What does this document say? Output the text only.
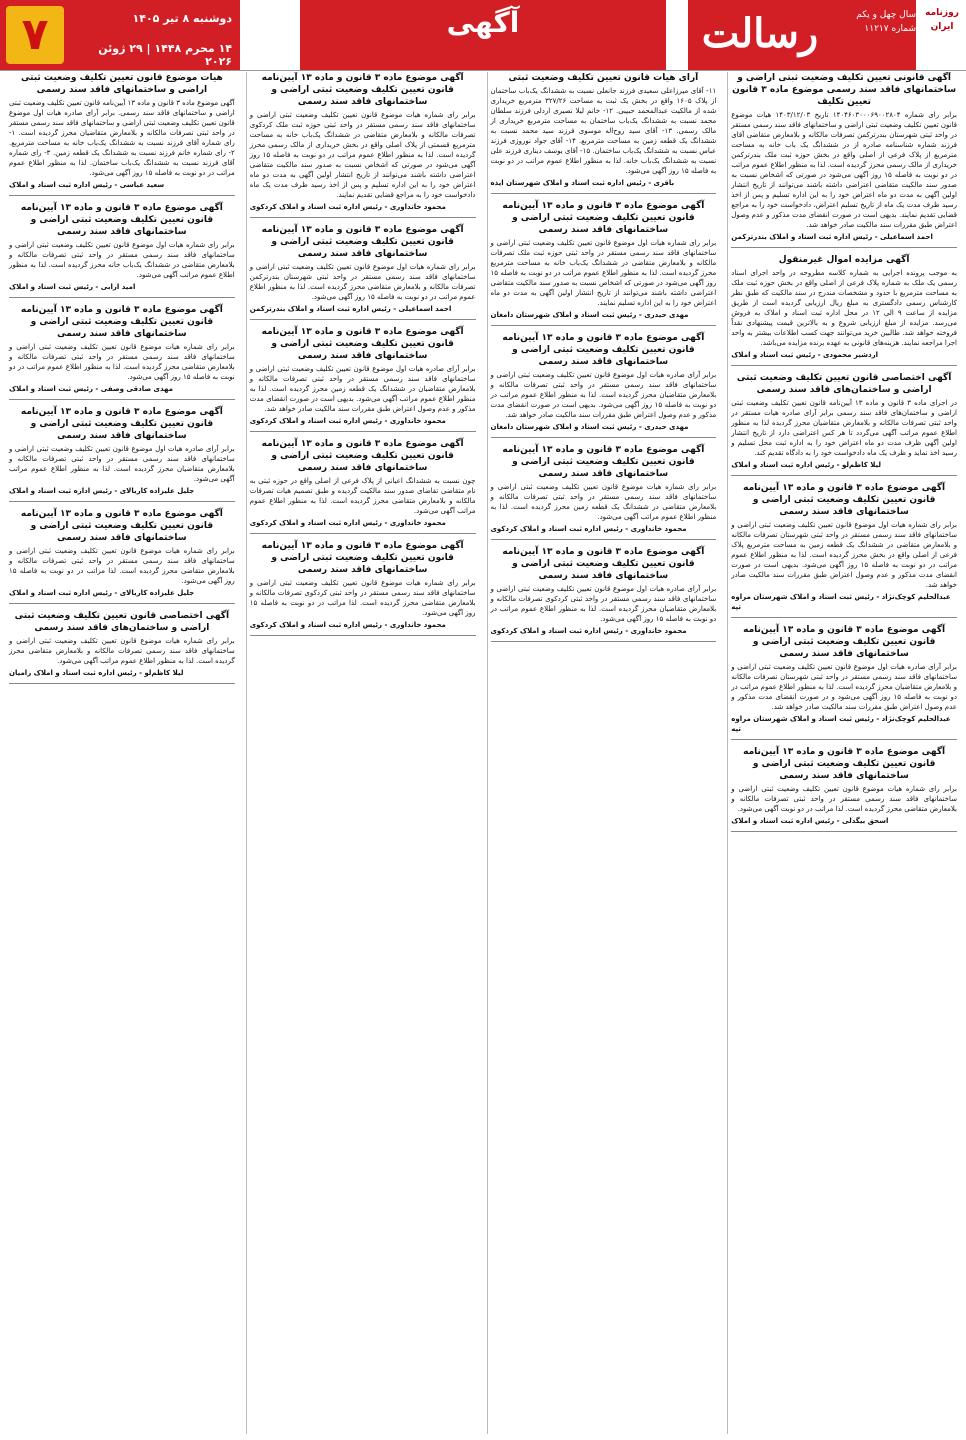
۷	دوشنبه ۸ تیر ۱۴۰۵
۱۴ محرم ۱۴۴۸ | ۲۹ ژوئن ۲۰۲۶
آگهی	رسالت	سال چهل و یکم
شماره ۱۱۲۱۷
روزنامه ایران

آگهی قانونی تعیین تکلیف وضعیت ثبتی اراضی و ساختمانهای فاقد سند رسمی موضوع ماده ۳ قانون تعیین تکلیف

برابر رای شماره ۱۴۰۴۶۰۳۰۰۰۶۹۰۰۲۸۰۴ تاریخ ۱۴۰۳/۱۲/۰۳ هیات موضوع قانون تعیین تکلیف وضعیت ثبتی اراضی و ساختمانهای فاقد سند رسمی مستقر در واحد ثبتی شهرستان بندرترکمن تصرفات مالکانه و بلامعارض متقاضی آقای فرزند شماره شناسنامه صادره از در ششدانگ یک باب خانه به مساحت مترمربع از پلاک فرعی از اصلی واقع در بخش حوزه ثبت ملک بندرترکمن خریداری از مالک رسمی محرز گردیده است. لذا به منظور اطلاع عموم مراتب در دو نوبت به فاصله ۱۵ روز آگهی می‌شود در صورتی که اشخاص نسبت به صدور سند مالکیت متقاضی اعتراضی داشته باشند می‌توانند از تاریخ انتشار اولین آگهی به مدت دو ماه اعتراض خود را به این اداره تسلیم و پس از اخذ رسید ظرف مدت یک ماه از تاریخ تسلیم اعتراض، دادخواست خود را به مراجع قضایی تقدیم نمایند. بدیهی است در صورت انقضای مدت مذکور و عدم وصول اعتراض طبق مقررات سند مالکیت صادر خواهد شد.

احمد اسماعیلی - رئیس اداره ثبت اسناد و املاک بندرترکمن

آگهی مزایده اموال غیرمنقول

به موجب پرونده اجرایی به شماره کلاسه مطروحه در واحد اجرای اسناد رسمی یک ملک به شماره پلاک فرعی از اصلی واقع در بخش حوزه ثبت ملک به مساحت مترمربع با حدود و مشخصات مندرج در سند مالکیت که طبق نظر کارشناس رسمی دادگستری به مبلغ ریال ارزیابی گردیده است از طریق مزایده از ساعت ۹ الی ۱۲ در محل اداره ثبت اسناد و املاک به فروش می‌رسد. مزایده از مبلغ ارزیابی شروع و به بالاترین قیمت پیشنهادی نقداً فروخته خواهد شد. طالبین خرید می‌توانند جهت کسب اطلاعات بیشتر به واحد اجرا مراجعه نمایند. هزینه‌های قانونی به عهده برنده مزایده می‌باشد.

اردشیر محمودی - رئیس ثبت اسناد و املاک

آگهی اختصاصی قانون تعیین تکلیف وضعیت ثبتی اراضی و ساختمان‌های فاقد سند رسمی

در اجرای ماده ۳ قانون و ماده ۱۳ آیین‌نامه قانون تعیین تکلیف وضعیت ثبتی اراضی و ساختمان‌های فاقد سند رسمی برابر آرای صادره هیات مستقر در واحد ثبتی تصرفات مالکانه و بلامعارض متقاضیان محرز گردیده لذا به منظور اطلاع عموم مراتب آگهی می‌گردد تا هر کس اعتراضی دارد از تاریخ انتشار اولین آگهی ظرف مدت دو ماه اعتراض خود را به اداره ثبت محل تسلیم و رسید اخذ نماید و ظرف یک ماه دادخواست خود را به دادگاه تقدیم کند.

لیلا کاظم‌لو - رئیس اداره ثبت اسناد و املاک

آگهی موضوع ماده ۳ قانون و ماده ۱۳ آیین‌نامه قانون تعیین تکلیف وضعیت ثبتی اراضی و ساختمانهای فاقد سند رسمی

برابر رای شماره هیات اول موضوع قانون تعیین تکلیف وضعیت ثبتی اراضی و ساختمانهای فاقد سند رسمی مستقر در واحد ثبتی شهرستان تصرفات مالکانه و بلامعارض متقاضی در ششدانگ یک قطعه زمین به مساحت مترمربع پلاک فرعی از اصلی واقع در بخش محرز گردیده است. لذا به منظور اطلاع عموم مراتب در دو نوبت به فاصله ۱۵ روز آگهی می‌شود. بدیهی است در صورت انقضای مدت مذکور و عدم وصول اعتراض طبق مقررات سند مالکیت صادر خواهد شد.

عبدالحلیم کوچک‌نژاد - رئیس ثبت اسناد و املاک شهرستان مراوه تپه

آگهی موضوع ماده ۳ قانون و ماده ۱۳ آیین‌نامه قانون تعیین تکلیف وضعیت ثبتی اراضی و ساختمانهای فاقد سند رسمی

برابر آرای صادره هیات اول موضوع قانون تعیین تکلیف وضعیت ثبتی اراضی و ساختمانهای فاقد سند رسمی مستقر در واحد ثبتی شهرستان تصرفات مالکانه و بلامعارض متقاضیان محرز گردیده است. لذا به منظور اطلاع عموم مراتب در دو نوبت به فاصله ۱۵ روز آگهی می‌شود و در صورت انقضای مدت مذکور و عدم وصول اعتراض طبق مقررات سند مالکیت صادر خواهد شد.

عبدالحلیم کوچک‌نژاد - رئیس ثبت اسناد و املاک شهرستان مراوه تپه

آگهی موضوع ماده ۳ قانون و ماده ۱۳ آیین‌نامه قانون تعیین تکلیف وضعیت ثبتی اراضی و ساختمانهای فاقد سند رسمی

برابر رای شماره هیات موضوع قانون تعیین تکلیف وضعیت ثبتی اراضی و ساختمانهای فاقد سند رسمی مستقر در واحد ثبتی تصرفات مالکانه و بلامعارض متقاضی محرز گردیده است. لذا مراتب در دو نوبت آگهی می‌شود.

اسحق بیگدلی - رئیس اداره ثبت اسناد و املاک

آرای هیات قانون تعیین تکلیف وضعیت ثبتی

۱۱- آقای میرزاعلی سعیدی فرزند جانعلی نسبت به ششدانگ یک‌باب ساختمان از پلاک ۱۶۰۵ واقع در بخش یک ثبت به مساحت ۳۲۷/۲۶ مترمربع خریداری شده از مالکیت عبدالمحمد حبیبی. ۱۲- خانم لیلا نصیری اردلی فرزند سلطان محمد نسبت به ششدانگ یک‌باب ساختمان به مساحت مترمربع خریداری از مالک رسمی. ۱۳- آقای سید روح‌اله موسوی فرزند سید محمد نسبت به ششدانگ یک قطعه زمین به مساحت مترمربع. ۱۴- آقای جواد نوروزی فرزند عباس نسبت به ششدانگ یک‌باب ساختمان. ۱۵- آقای یوسف دیناری فرزند علی نسبت به ششدانگ یک‌باب خانه. لذا به منظور اطلاع عموم مراتب در دو نوبت به فاصله ۱۵ روز آگهی می‌شود.

باقری - رئیس اداره ثبت اسناد و املاک شهرستان ایذه

آگهی موضوع ماده ۳ قانون و ماده ۱۳ آیین‌نامه قانون تعیین تکلیف وضعیت ثبتی اراضی و ساختمانهای فاقد سند رسمی

برابر رای شماره هیات اول موضوع قانون تعیین تکلیف وضعیت ثبتی اراضی و ساختمانهای فاقد سند رسمی مستقر در واحد ثبتی حوزه ثبت ملک تصرفات مالکانه و بلامعارض متقاضی در ششدانگ یک‌باب خانه به مساحت مترمربع محرز گردیده است. لذا به منظور اطلاع عموم مراتب در دو نوبت به فاصله ۱۵ روز آگهی می‌شود در صورتی که اشخاص نسبت به صدور سند مالکیت متقاضی اعتراضی داشته باشند می‌توانند از تاریخ انتشار اولین آگهی به مدت دو ماه اعتراض خود را به این اداره تسلیم نمایند.

مهدی حیدری - رئیس ثبت اسناد و املاک شهرستان دامغان

آگهی موضوع ماده ۳ قانون و ماده ۱۳ آیین‌نامه قانون تعیین تکلیف وضعیت ثبتی اراضی و ساختمانهای فاقد سند رسمی

برابر آرای صادره هیات اول موضوع قانون تعیین تکلیف وضعیت ثبتی اراضی و ساختمانهای فاقد سند رسمی مستقر در واحد ثبتی تصرفات مالکانه و بلامعارض متقاضیان محرز گردیده است. لذا به منظور اطلاع عموم مراتب در دو نوبت به فاصله ۱۵ روز آگهی می‌شود. بدیهی است در صورت انقضای مدت مذکور و عدم وصول اعتراض طبق مقررات سند مالکیت صادر خواهد شد.

مهدی حیدری - رئیس ثبت اسناد و املاک شهرستان دامغان

آگهی موضوع ماده ۳ قانون و ماده ۱۳ آیین‌نامه قانون تعیین تکلیف وضعیت ثبتی اراضی و ساختمانهای فاقد سند رسمی

برابر رای شماره هیات موضوع قانون تعیین تکلیف وضعیت ثبتی اراضی و ساختمانهای فاقد سند رسمی مستقر در واحد ثبتی تصرفات مالکانه و بلامعارض متقاضی در ششدانگ یک قطعه زمین محرز گردیده است. لذا به منظور اطلاع عموم مراتب آگهی می‌شود.

محمود خانداوری - رئیس اداره ثبت اسناد و املاک کردکوی

آگهی موضوع ماده ۳ قانون و ماده ۱۳ آیین‌نامه قانون تعیین تکلیف وضعیت ثبتی اراضی و ساختمانهای فاقد سند رسمی

برابر آرای صادره هیات اول موضوع قانون تعیین تکلیف وضعیت ثبتی اراضی و ساختمانهای فاقد سند رسمی مستقر در واحد ثبتی کردکوی تصرفات مالکانه و بلامعارض متقاضیان محرز گردیده است. لذا به منظور اطلاع عموم مراتب در دو نوبت به فاصله ۱۵ روز آگهی می‌شود.

محمود خانداوری - رئیس اداره ثبت اسناد و املاک کردکوی

آگهی موضوع ماده ۳ قانون و ماده ۱۳ آیین‌نامه قانون تعیین تکلیف وضعیت ثبتی اراضی و ساختمانهای فاقد سند رسمی

برابر رای شماره هیات موضوع قانون تعیین تکلیف وضعیت ثبتی اراضی و ساختمانهای فاقد سند رسمی مستقر در واحد ثبتی حوزه ثبت ملک کردکوی تصرفات مالکانه و بلامعارض متقاضی در ششدانگ یک‌باب خانه به مساحت مترمربع قسمتی از پلاک اصلی واقع در بخش خریداری از مالک رسمی محرز گردیده است. لذا به منظور اطلاع عموم مراتب در دو نوبت به فاصله ۱۵ روز آگهی می‌شود در صورتی که اشخاص نسبت به صدور سند مالکیت متقاضی اعتراضی داشته باشند می‌توانند از تاریخ انتشار اولین آگهی به مدت دو ماه اعتراض خود را به این اداره تسلیم و پس از اخذ رسید ظرف مدت یک ماه دادخواست خود را به مراجع قضایی تقدیم نمایند.

محمود خانداوری - رئیس اداره ثبت اسناد و املاک کردکوی

آگهی موضوع ماده ۳ قانون و ماده ۱۳ آیین‌نامه قانون تعیین تکلیف وضعیت ثبتی اراضی و ساختمانهای فاقد سند رسمی

برابر رای شماره هیات اول موضوع قانون تعیین تکلیف وضعیت ثبتی اراضی و ساختمانهای فاقد سند رسمی مستقر در واحد ثبتی شهرستان بندرترکمن تصرفات مالکانه و بلامعارض متقاضی محرز گردیده است. لذا به منظور اطلاع عموم مراتب در دو نوبت به فاصله ۱۵ روز آگهی می‌شود.

احمد اسماعیلی - رئیس اداره ثبت اسناد و املاک بندرترکمن

آگهی موضوع ماده ۳ قانون و ماده ۱۳ آیین‌نامه قانون تعیین تکلیف وضعیت ثبتی اراضی و ساختمانهای فاقد سند رسمی

برابر آرای صادره هیات اول موضوع قانون تعیین تکلیف وضعیت ثبتی اراضی و ساختمانهای فاقد سند رسمی مستقر در واحد ثبتی تصرفات مالکانه و بلامعارض متقاضیان در ششدانگ یک قطعه زمین محرز گردیده است. لذا به منظور اطلاع عموم مراتب آگهی می‌شود. بدیهی است در صورت انقضای مدت مذکور و عدم وصول اعتراض طبق مقررات سند مالکیت صادر خواهد شد.

محمود خانداوری - رئیس اداره ثبت اسناد و املاک کردکوی

آگهی موضوع ماده ۳ قانون و ماده ۱۳ آیین‌نامه قانون تعیین تکلیف وضعیت ثبتی اراضی و ساختمانهای فاقد سند رسمی

چون نسبت به ششدانگ اعیانی از پلاک فرعی از اصلی واقع در حوزه ثبتی به نام متقاضی تقاضای صدور سند مالکیت گردیده و طبق تصمیم هیات تصرفات مالکانه و بلامعارض متقاضی محرز گردیده است. لذا به منظور اطلاع عموم مراتب آگهی می‌شود.

محمود خانداوری - رئیس اداره ثبت اسناد و املاک کردکوی

آگهی موضوع ماده ۳ قانون و ماده ۱۳ آیین‌نامه قانون تعیین تکلیف وضعیت ثبتی اراضی و ساختمانهای فاقد سند رسمی

برابر رای شماره هیات موضوع قانون تعیین تکلیف وضعیت ثبتی اراضی و ساختمانهای فاقد سند رسمی مستقر در واحد ثبتی کردکوی تصرفات مالکانه و بلامعارض متقاضی محرز گردیده است. لذا مراتب در دو نوبت به فاصله ۱۵ روز آگهی می‌شود.

محمود خانداوری - رئیس اداره ثبت اسناد و املاک کردکوی

هیات موضوع قانون تعیین تکلیف وضعیت ثبتی اراضی و ساختمانهای فاقد سند رسمی

آگهی موضوع ماده ۳ قانون و ماده ۱۳ آیین‌نامه قانون تعیین تکلیف وضعیت ثبتی اراضی و ساختمانهای فاقد سند رسمی. برابر آرای صادره هیات اول موضوع قانون تعیین تکلیف وضعیت ثبتی اراضی و ساختمانهای فاقد سند رسمی مستقر در واحد ثبتی تصرفات مالکانه و بلامعارض متقاضیان محرز گردیده است. ۱- رای شماره آقای فرزند نسبت به ششدانگ یک‌باب خانه به مساحت مترمربع. ۲- رای شماره خانم فرزند نسبت به ششدانگ یک قطعه زمین. ۳- رای شماره آقای فرزند نسبت به ششدانگ یک‌باب ساختمان. لذا به منظور اطلاع عموم مراتب در دو نوبت به فاصله ۱۵ روز آگهی می‌شود.

سعید عباسی - رئیس اداره ثبت اسناد و املاک

آگهی موضوع ماده ۳ قانون و ماده ۱۳ آیین‌نامه قانون تعیین تکلیف وضعیت ثبتی اراضی و ساختمانهای فاقد سند رسمی

برابر رای شماره هیات اول موضوع قانون تعیین تکلیف وضعیت ثبتی اراضی و ساختمانهای فاقد سند رسمی مستقر در واحد ثبتی تصرفات مالکانه و بلامعارض متقاضی در ششدانگ یک‌باب خانه محرز گردیده است. لذا به منظور اطلاع عموم مراتب آگهی می‌شود.

امید ارابی - رئیس ثبت اسناد و املاک

آگهی موضوع ماده ۳ قانون و ماده ۱۳ آیین‌نامه قانون تعیین تکلیف وضعیت ثبتی اراضی و ساختمانهای فاقد سند رسمی

برابر رای شماره هیات موضوع قانون تعیین تکلیف وضعیت ثبتی اراضی و ساختمانهای فاقد سند رسمی مستقر در واحد ثبتی تصرفات مالکانه و بلامعارض متقاضی محرز گردیده است. لذا به منظور اطلاع عموم مراتب در دو نوبت به فاصله ۱۵ روز آگهی می‌شود.

مهدی صادقی وصفی - رئیس ثبت اسناد و املاک

آگهی موضوع ماده ۳ قانون و ماده ۱۳ آیین‌نامه قانون تعیین تکلیف وضعیت ثبتی اراضی و ساختمانهای فاقد سند رسمی

برابر آرای صادره هیات اول موضوع قانون تعیین تکلیف وضعیت ثبتی اراضی و ساختمانهای فاقد سند رسمی مستقر در واحد ثبتی تصرفات مالکانه و بلامعارض متقاضیان محرز گردیده است. لذا به منظور اطلاع عموم مراتب آگهی می‌شود.

جلیل علیزاده کاربالای - رئیس اداره ثبت اسناد و املاک

آگهی موضوع ماده ۳ قانون و ماده ۱۳ آیین‌نامه قانون تعیین تکلیف وضعیت ثبتی اراضی و ساختمانهای فاقد سند رسمی

برابر رای شماره هیات موضوع قانون تعیین تکلیف وضعیت ثبتی اراضی و ساختمانهای فاقد سند رسمی مستقر در واحد ثبتی تصرفات مالکانه و بلامعارض متقاضی محرز گردیده است. لذا مراتب در دو نوبت به فاصله ۱۵ روز آگهی می‌شود.

جلیل علیزاده کاربالای - رئیس اداره ثبت اسناد و املاک

آگهی اختصاصی قانون تعیین تکلیف وضعیت ثبتی اراضی و ساختمان‌های فاقد سند رسمی

برابر رای شماره هیات موضوع قانون تعیین تکلیف وضعیت ثبتی اراضی و ساختمانهای فاقد سند رسمی تصرفات مالکانه و بلامعارض متقاضی محرز گردیده است. لذا به منظور اطلاع عموم مراتب آگهی می‌شود.

لیلا کاظم‌لو - رئیس اداره ثبت اسناد و املاک رامیان
